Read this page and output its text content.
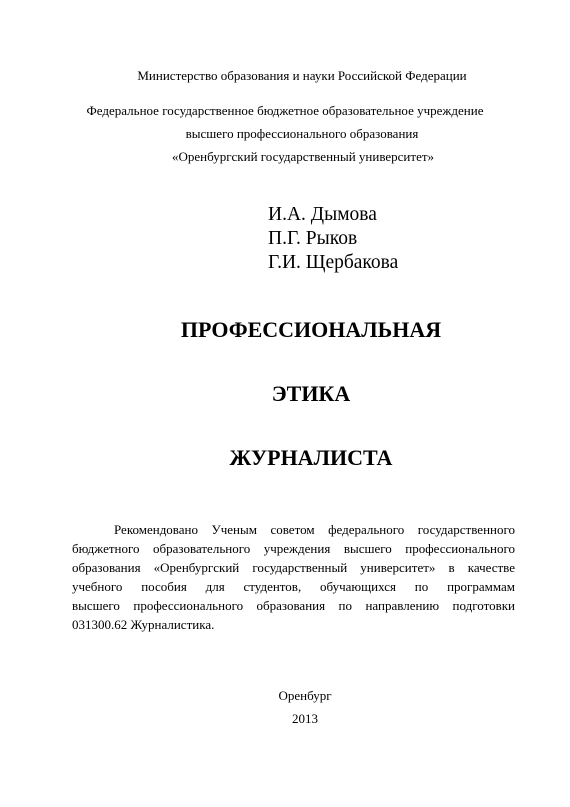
Министерство образования и науки Российской Федерации
Федеральное государственное бюджетное образовательное учреждение
высшего профессионального образования
«Оренбургский государственный университет»
И.А. Дымова
П.Г. Рыков
Г.И. Щербакова
ПРОФЕССИОНАЛЬНАЯ
ЭТИКА
ЖУРНАЛИСТА
Рекомендовано Ученым советом федерального государственного
бюджетного образовательного учреждения высшего профессионального
образования «Оренбургский государственный университет» в качестве
учебного пособия для студентов, обучающихся по программам
высшего профессионального образования по направлению подготовки
031300.62 Журналистика.
Оренбург
2013
